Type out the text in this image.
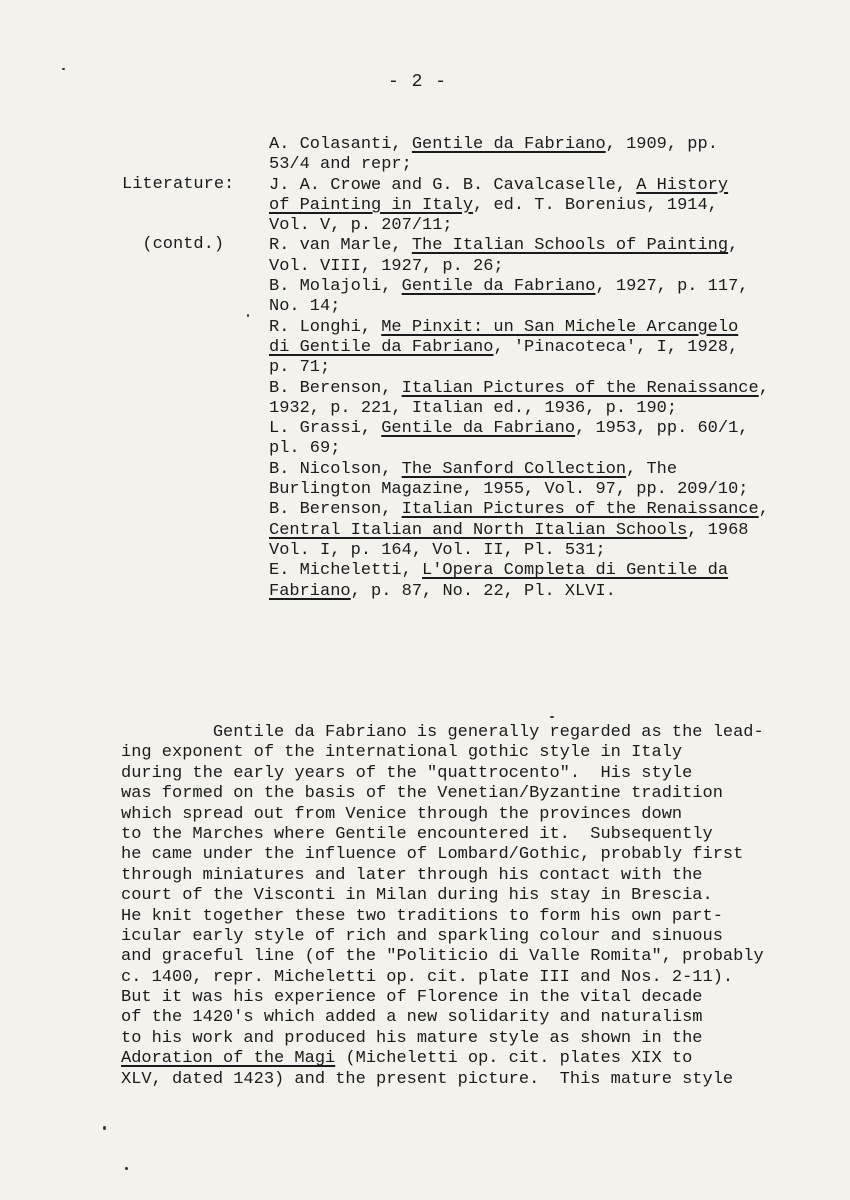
- 2 -

Literature:

(contd.)

A. Colasanti, Gentile da Fabriano, 1909, pp.
53/4 and repr;
J. A. Crowe and G. B. Cavalcaselle, A History
of Painting in Italy, ed. T. Borenius, 1914,
Vol. V, p. 207/11;
R. van Marle, The Italian Schools of Painting,
Vol. VIII, 1927, p. 26;
B. Molajoli, Gentile da Fabriano, 1927, p. 117,
No. 14;
R. Longhi, Me Pinxit: un San Michele Arcangelo
di Gentile da Fabriano, 'Pinacoteca', I, 1928,
p. 71;
B. Berenson, Italian Pictures of the Renaissance,
1932, p. 221, Italian ed., 1936, p. 190;
L. Grassi, Gentile da Fabriano, 1953, pp. 60/1,
pl. 69;
B. Nicolson, The Sanford Collection, The
Burlington Magazine, 1955, Vol. 97, pp. 209/10;
B. Berenson, Italian Pictures of the Renaissance,
Central Italian and North Italian Schools, 1968
Vol. I, p. 164, Vol. II, Pl. 531;
E. Micheletti, L'Opera Completa di Gentile da
Fabriano, p. 87, No. 22, Pl. XLVI.
Gentile da Fabriano is generally regarded as the lead-
ing exponent of the international gothic style in Italy
during the early years of the "quattrocento".  His style
was formed on the basis of the Venetian/Byzantine tradition
which spread out from Venice through the provinces down
to the Marches where Gentile encountered it.  Subsequently
he came under the influence of Lombard/Gothic, probably first
through miniatures and later through his contact with the
court of the Visconti in Milan during his stay in Brescia.
He knit together these two traditions to form his own part-
icular early style of rich and sparkling colour and sinuous
and graceful line (of the "Politicio di Valle Romita", probably
c. 1400, repr. Micheletti op. cit. plate III and Nos. 2-11).
But it was his experience of Florence in the vital decade
of the 1420's which added a new solidarity and naturalism
to his work and produced his mature style as shown in the
Adoration of the Magi (Micheletti op. cit. plates XIX to
XLV, dated 1423) and the present picture.  This mature style
